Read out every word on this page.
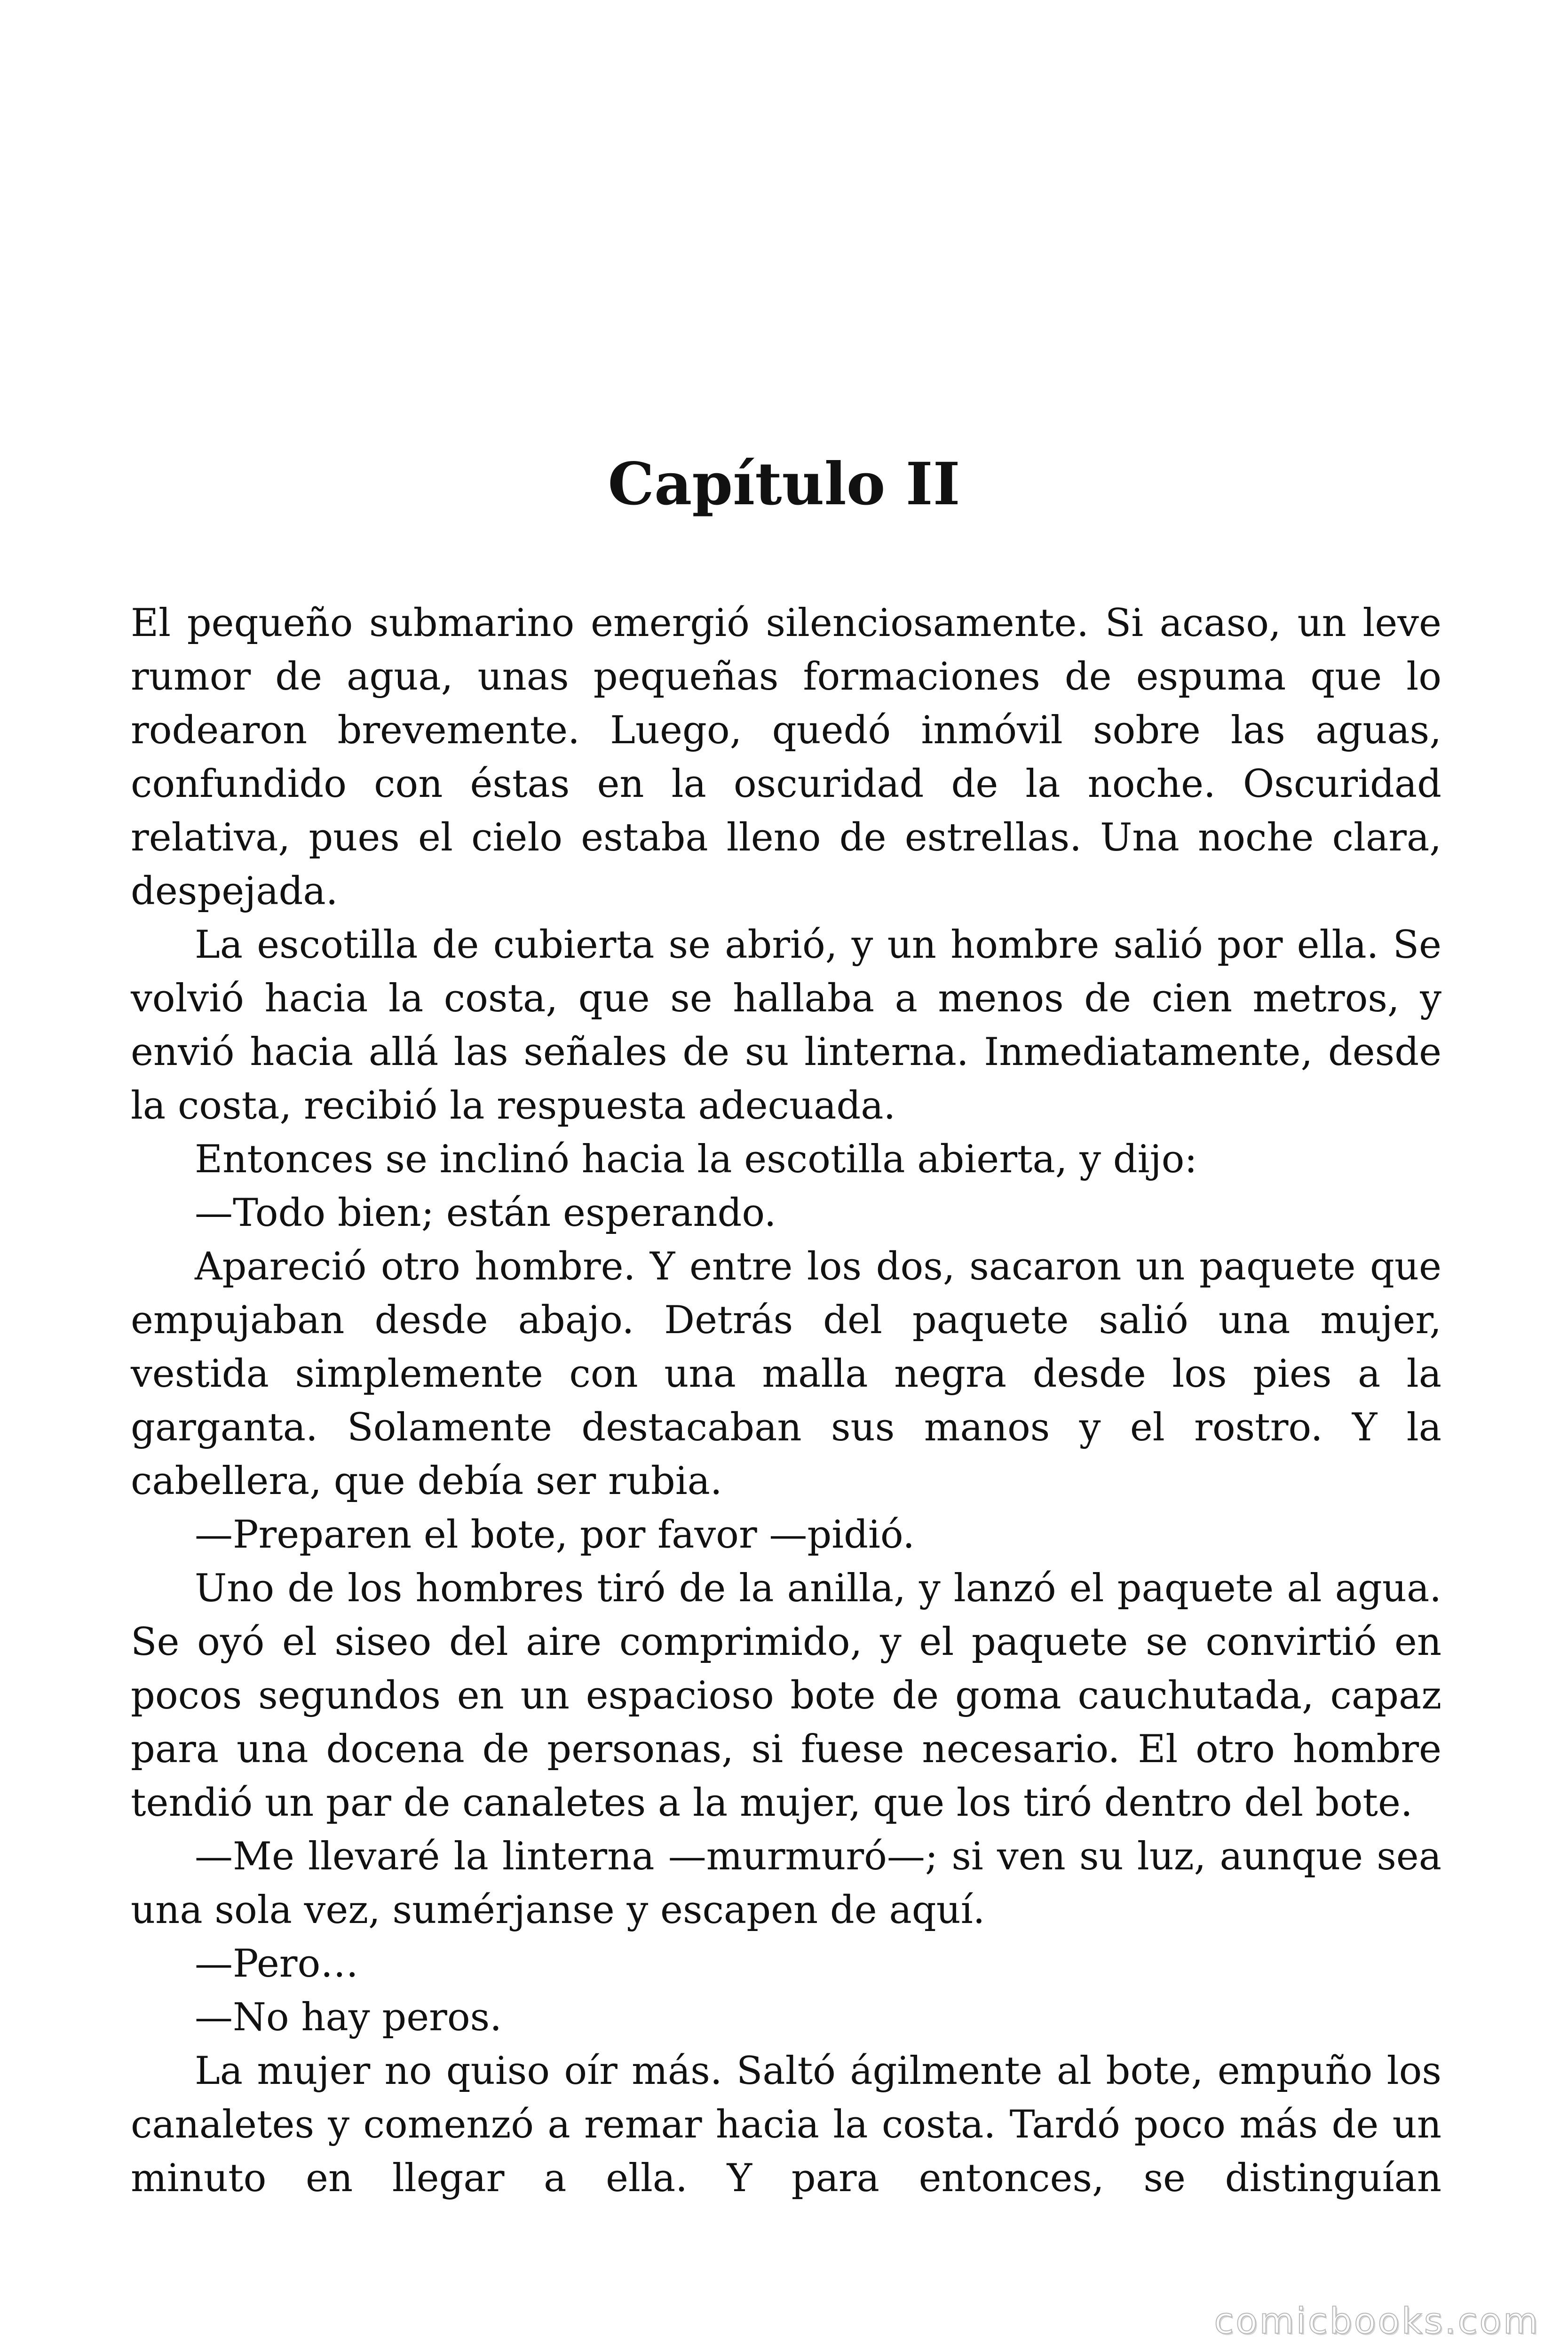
Capítulo II

El pequeño submarino emergió silenciosamente. Si acaso, un leve rumor de agua, unas pequeñas formaciones de espuma que lo rodearon brevemente. Luego, quedó inmóvil sobre las aguas, confundido con éstas en la oscuridad de la noche. Oscuridad relativa, pues el cielo estaba lleno de estrellas. Una noche clara, despejada.

La escotilla de cubierta se abrió, y un hombre salió por ella. Se volvió hacia la costa, que se hallaba a menos de cien metros, y envió hacia allá las señales de su linterna. Inmediatamente, desde la costa, recibió la respuesta adecuada.

Entonces se inclinó hacia la escotilla abierta, y dijo:

—Todo bien; están esperando.

Apareció otro hombre. Y entre los dos, sacaron un paquete que empujaban desde abajo. Detrás del paquete salió una mujer, vestida simplemente con una malla negra desde los pies a la garganta. Solamente destacaban sus manos y el rostro. Y la cabellera, que debía ser rubia.

—Preparen el bote, por favor —pidió.

Uno de los hombres tiró de la anilla, y lanzó el paquete al agua. Se oyó el siseo del aire comprimido, y el paquete se convirtió en pocos segundos en un espacioso bote de goma cauchutada, capaz para una docena de personas, si fuese necesario. El otro hombre tendió un par de canaletes a la mujer, que los tiró dentro del bote.

—Me llevaré la linterna —murmuró—; si ven su luz, aunque sea una sola vez, sumérjanse y escapen de aquí.

—Pero…

—No hay peros.

La mujer no quiso oír más. Saltó ágilmente al bote, empuño los canaletes y comenzó a remar hacia la costa. Tardó poco más de un minuto en llegar a ella. Y para entonces, se distinguían

comicbooks.com
